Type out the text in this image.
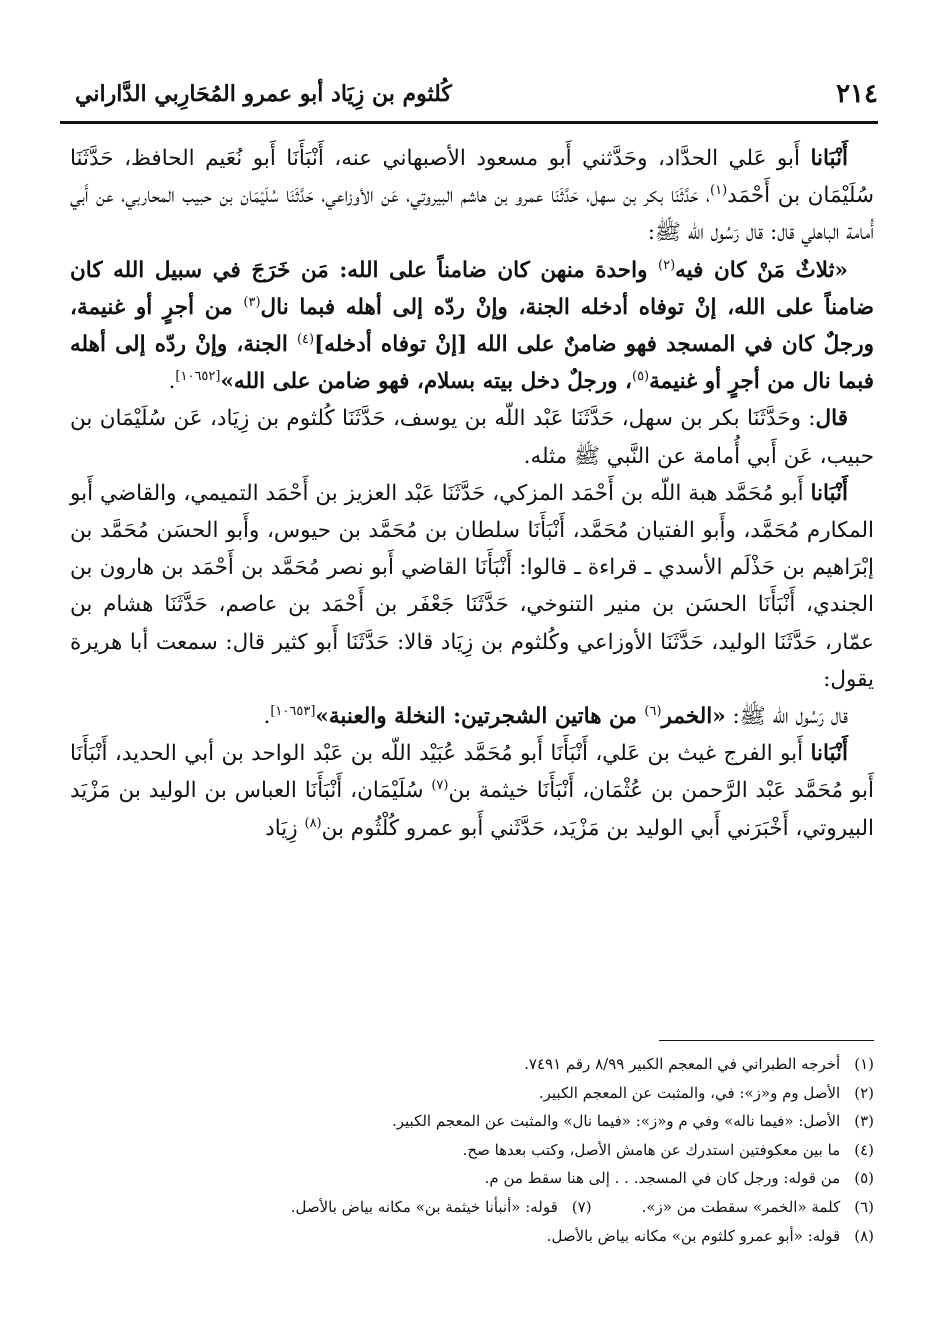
٢١٤
كُلثوم بن زِيَاد أبو عمرو المُحَارِبي الدَّاراني

أَنْبَانا أَبو عَلي الحدَّاد، وحَدَّثني أَبو مسعود الأصبهاني عنه، أَنْبَأَنَا أَبو نُعَيم الحافظ، حَدَّثَنَا سُلَيْمَان بن أَحْمَد$^{(١)}$، حَدَّثَنَا بكر بن سهل، حَدَّثَنَا عمرو بن هاشم البيروتي، عَن الأوزاعي، حَدَّثَنَا سُلَيْمَان بن حبيب المحاربي، عن أَبي أُمامة الباهلي قال: قال رَسُول الله ﷺ:

«ثلاثٌ مَنْ كان فيه$^{(٢)}$ واحدة منهن كان ضامناً على الله: مَن خَرَجَ في سبيل الله كان ضامناً على الله، إنْ توفاه أدخله الجنة، وإنْ ردّه إلى أهله فبما نال$^{(٣)}$ من أجرٍ أو غنيمة، ورجلٌ كان في المسجد فهو ضامنٌ على الله [إنْ توفاه أدخله]$^{(٤)}$ الجنة، وإنْ ردّه إلى أهله فبما نال من أجرٍ أو غنيمة$^{(٥)}$، ورجلٌ دخل بيته بسلام، فهو ضامن على الله»[١٠٦٥٢].

قال: وحَدَّثَنَا بكر بن سهل، حَدَّثَنَا عَبْد اللّه بن يوسف، حَدَّثَنَا كُلثوم بن زِيَاد، عَن سُلَيْمَان بن حبيب، عَن أَبي أُمامة عن النَّبي ﷺ مثله.

أَنْبَانا أَبو مُحَمَّد هبة اللّه بن أَحْمَد المزكي، حَدَّثَنَا عَبْد العزيز بن أَحْمَد التميمي، والقاضي أَبو المكارم مُحَمَّد، وأَبو الفتيان مُحَمَّد، أَنْبَأَنَا سلطان بن مُحَمَّد بن حيوس، وأَبو الحسَن مُحَمَّد بن إبْرَاهيم بن حَذْلَم الأسدي ـ قراءة ـ قالوا: أَنْبَأَنَا القاضي أَبو نصر مُحَمَّد بن أَحْمَد بن هارون بن الجندي، أَنْبَأَنَا الحسَن بن منير التنوخي، حَدَّثَنَا جَعْفَر بن أَحْمَد بن عاصم، حَدَّثَنَا هشام بن عمّار، حَدَّثَنَا الوليد، حَدَّثَنَا الأوزاعي وكُلثوم بن زِيَاد قالا: حَدَّثَنَا أَبو كثير قال: سمعت أبا هريرة يقول:

قال رَسُول الله ﷺ: «الخمر$^{(٦)}$ من هاتين الشجرتين: النخلة والعنبة»[١٠٦٥٣].

أَنْبَانا أَبو الفرج غيث بن عَلي، أَنْبَأَنَا أَبو مُحَمَّد عُبَيْد اللّه بن عَبْد الواحد بن أبي الحديد، أَنْبَأَنَا أَبو مُحَمَّد عَبْد الرَّحمن بن عُثْمَان، أَنْبَأَنَا خيثمة بن$^{(٧)}$ سُلَيْمَان، أَنْبَأَنَا العباس بن الوليد بن مَزْيَد البيروتي، أَخْبَرَني أَبي الوليد بن مَزْيَد، حَدَّثَني أَبو عمرو كُلْثُوم بن$^{(٨)}$ زِيَاد

(١)
أخرجه الطبراني في المعجم الكبير ٨/٩٩ رقم ٧٤٩١.
(٢)
الأصل وم و«ز»: في، والمثبت عن المعجم الكبير.
(٣)
الأصل: «فيما ناله» وفي م و«ز»: «فيما نال» والمثبت عن المعجم الكبير.
(٤)
ما بين معكوفتين استدرك عن هامش الأصل، وكتب بعدها صح.
(٥)
من قوله: ورجل كان في المسجد. . . إلى هنا سقط من م.
(٦)
كلمة «الخمر» سقطت من «ز».
(٧)
قوله: «أنبأنا خيثمة بن» مكانه بياض بالأصل.
(٨)
قوله: «أبو عمرو كلثوم بن» مكانه بياض بالأصل.
